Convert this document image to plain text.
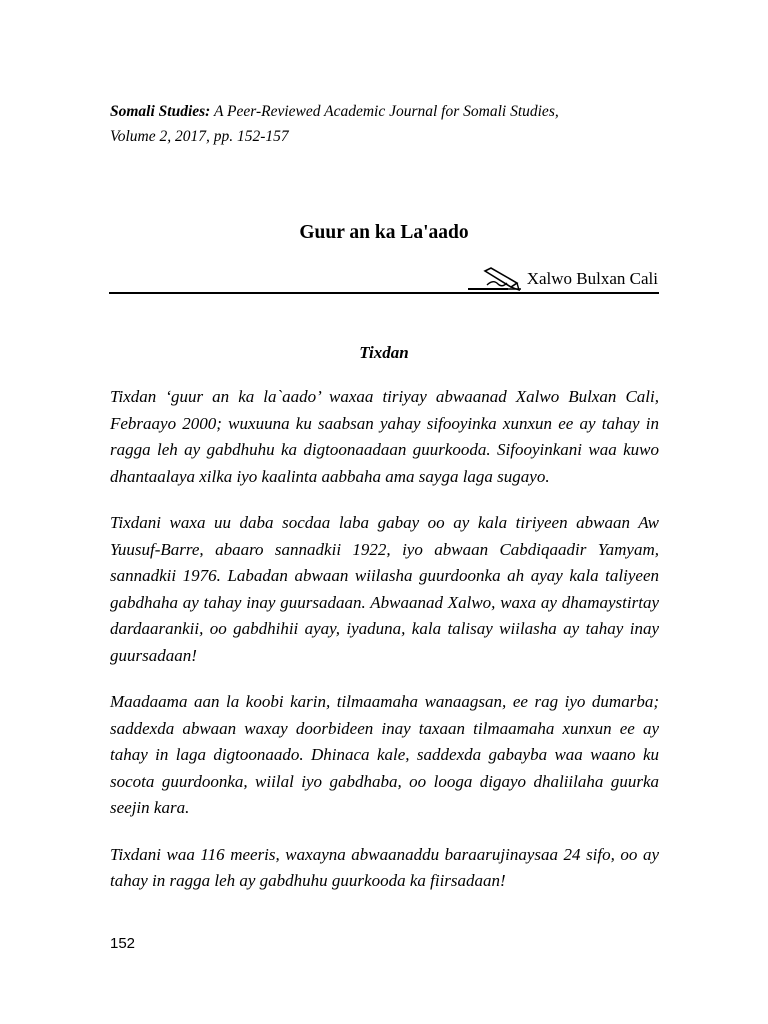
Somali Studies: A Peer-Reviewed Academic Journal for Somali Studies,
Volume 2, 2017, pp. 152-157
Guur an ka La'aado
Xalwo Bulxan Cali
Tixdan

Tixdan ‘guur an ka la`aado’ waxaa tiriyay abwaanad Xalwo Bulxan Cali, Febraayo 2000; wuxuuna ku saabsan yahay sifooyinka xunxun ee ay tahay in ragga leh ay gabdhuhu ka digtoonaadaan guurkooda. Sifooyinkani waa kuwo dhantaalaya xilka iyo kaalinta aabbaha ama sayga laga sugayo.

Tixdani waxa uu daba socdaa laba gabay oo ay kala tiriyeen abwaan Aw Yuusuf-Barre, abaaro sannadkii 1922, iyo abwaan Cabdiqaadir Yamyam, sannadkii 1976. Labadan abwaan wiilasha guurdoonka ah ayay kala taliyeen gabdhaha ay tahay inay guursadaan. Abwaanad Xalwo, waxa ay dhamaystirtay dardaarankii, oo gabdhihii ayay, iyaduna, kala talisay wiilasha ay tahay inay guursadaan!

Maadaama aan la koobi karin, tilmaamaha wanaagsan, ee rag iyo dumarba; saddexda abwaan waxay doorbideen inay taxaan tilmaamaha xunxun ee ay tahay in laga digtoonaado. Dhinaca kale, saddexda gabayba waa waano ku socota guurdoonka, wiilal iyo gabdhaba, oo looga digayo dhaliilaha guurka seejin kara.

Tixdani waa 116 meeris, waxayna abwaanaddu baraarujinaysaa 24 sifo, oo ay tahay in ragga leh ay gabdhuhu guurkooda ka fiirsadaan!

152
